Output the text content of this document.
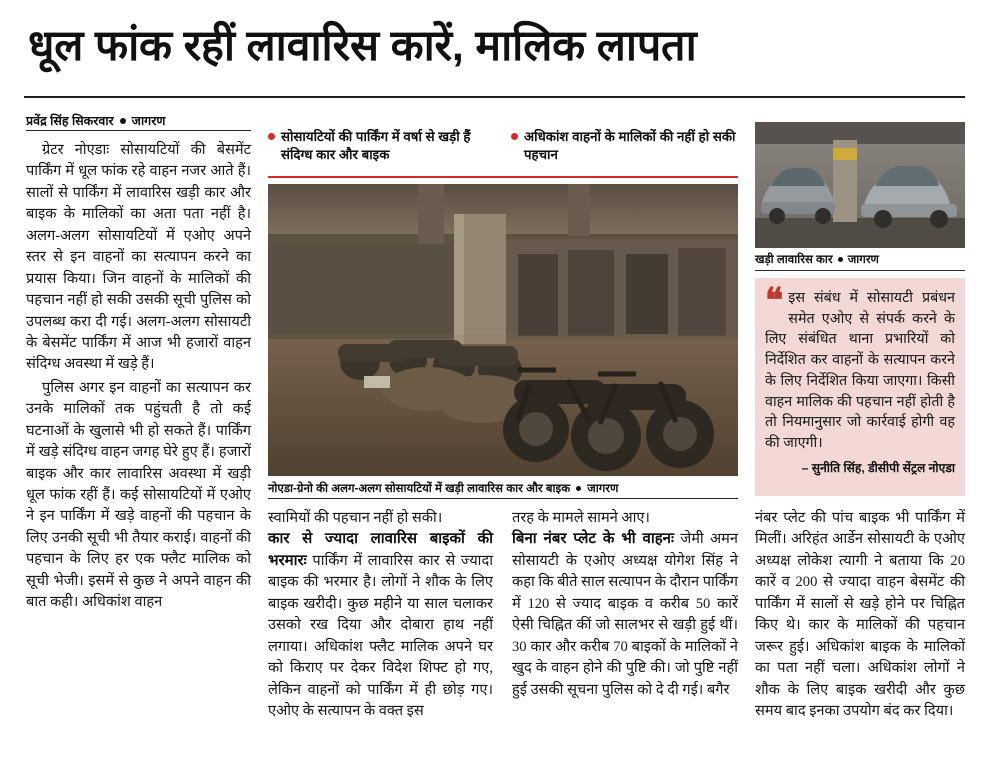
धूल फांक रहीं लावारिस कारें, मालिक लापता
प्रवेंद्र सिंह सिकरवार जागरण

ग्रेटर नोएडाः सोसायटियों की बेसमेंट पार्किंग में धूल फांक रहे वाहन नजर आते हैं। सालों से पार्किंग में लावारिस खड़ी कार और बाइक के मालिकों का अता पता नहीं है। अलग-अलग सोसायटियों में एओए अपने स्तर से इन वाहनों का सत्यापन करने का प्रयास किया। जिन वाहनों के मालिकों की पहचान नहीं हो सकी उसकी सूची पुलिस को उपलब्ध करा दी गई। अलग-अलग सोसायटी के बेसमेंट पार्किंग में आज भी हजारों वाहन संदिग्ध अवस्था में खड़े हैं।

पुलिस अगर इन वाहनों का सत्यापन कर उनके मालिकों तक पहुंचती है तो कई घटनाओं के खुलासे भी हो सकते हैं। पार्किंग में खड़े संदिग्ध वाहन जगह घेरे हुए हैं। हजारों बाइक और कार लावारिस अवस्था में खड़ी धूल फांक रहीं हैं। कई सोसायटियों में एओए ने इन पार्किंग में खड़े वाहनों की पहचान के लिए उनकी सूची भी तैयार कराई। वाहनों की पहचान के लिए हर एक फ्लैट मालिक को सूची भेजी। इसमें से कुछ ने अपने वाहन की बात कही। अधिकांश वाहन

सोसायटियों की पार्किंग में वर्षा से खड़ी हैं संदिग्ध कार और बाइक
अधिकांश वाहनों के मालिकों की नहीं हो सकी पहचान
नोएडा-ग्रेनो की अलग-अलग सोसायटियों में खड़ी लावारिस कार और बाइक जागरण

स्वामियों की पहचान नहीं हो सकी।

कार से ज्यादा लावारिस बाइकों की भरमारः पार्किंग में लावारिस कार से ज्यादा बाइक की भरमार है। लोगों ने शौक के लिए बाइक खरीदी। कुछ महीने या साल चलाकर उसको रख दिया और दोबारा हाथ नहीं लगाया। अधिकांश फ्लैट मालिक अपने घर को किराए पर देकर विदेश शिफ्ट हो गए, लेकिन वाहनों को पार्किंग में ही छोड़ गए। एओए के सत्यापन के वक्त इस

तरह के मामले सामने आए।

बिना नंबर प्लेट के भी वाहनः जेमी अमन सोसायटी के एओए अध्यक्ष योगेश सिंह ने कहा कि बीते साल सत्यापन के दौरान पार्किंग में 120 से ज्याद बाइक व करीब 50 कारें ऐसी चिह्नित कीं जो सालभर से खड़ी हुई थीं। 30 कार और करीब 70 बाइकों के मालिकों ने खुद के वाहन होने की पुष्टि की। जो पुष्टि नहीं हुई उसकी सूचना पुलिस को दे दी गई। बगैर

खड़ी लावारिस कार जागरण
❝ इस संबंध में सोसायटी प्रबंधन समेत एओए से संपर्क करने के लिए संबंधित थाना प्रभारियों को निर्देशित कर वाहनों के सत्यापन करने के लिए निर्देशित किया जाएगा। किसी वाहन मालिक की पहचान नहीं होती है तो नियमानुसार जो कार्रवाई होगी वह की जाएगी।
– सुनीति सिंह, डीसीपी सेंट्रल नोएडा

नंबर प्लेट की पांच बाइक भी पार्किंग में मिलीं। अरिहंत आर्डेन सोसायटी के एओए अध्यक्ष लोकेश त्यागी ने बताया कि 20 कारें व 200 से ज्यादा वाहन बेसमेंट की पार्किंग में सालों से खड़े होने पर चिह्नित किए थे। कार के मालिकों की पहचान जरूर हुई। अधिकांश बाइक के मालिकों का पता नहीं चला। अधिकांश लोगों ने शौक के लिए बाइक खरीदी और कुछ समय बाद इनका उपयोग बंद कर दिया।
